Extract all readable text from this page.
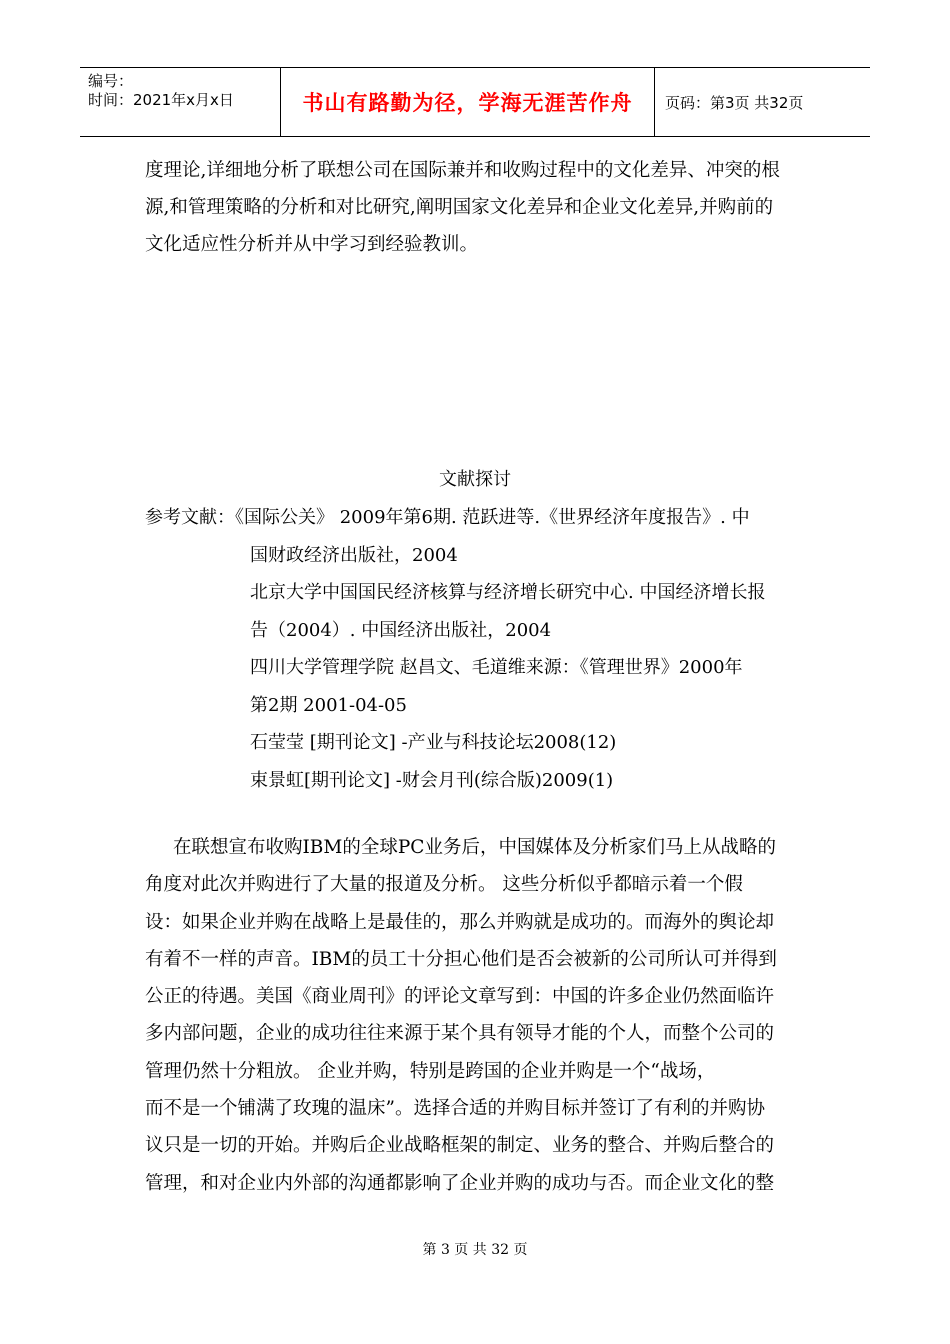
编号：
时间：2021年x月x日	书山有路勤为径，学海无涯苦作舟	页码：第3页 共32页
度理论,详细地分析了联想公司在国际兼并和收购过程中的文化差异、冲突的根
源,和管理策略的分析和对比研究,阐明国家文化差异和企业文化差异,并购前的
文化适应性分析并从中学习到经验教训。
文献探讨
参考文献：《国际公关》 2009年第6期. 范跃进等.《世界经济年度报告》. 中
国财政经济出版社，2004
北京大学中国国民经济核算与经济增长研究中心. 中国经济增长报
告（2004）. 中国经济出版社，2004
四川大学管理学院 赵昌文、毛道维来源：《管理世界》2000年
第2期 2001-04-05
石莹莹 [期刊论文] -产业与科技论坛2008(12)
束景虹[期刊论文] -财会月刊(综合版)2009(1)
在联想宣布收购IBM的全球PC业务后，中国媒体及分析家们马上从战略的
角度对此次并购进行了大量的报道及分析。 这些分析似乎都暗示着一个假
设：如果企业并购在战略上是最佳的，那么并购就是成功的。而海外的舆论却
有着不一样的声音。IBM的员工十分担心他们是否会被新的公司所认可并得到
公正的待遇。美国《商业周刊》的评论文章写到：中国的许多企业仍然面临许
多内部问题，企业的成功往往来源于某个具有领导才能的个人，而整个公司的
管理仍然十分粗放。 企业并购，特别是跨国的企业并购是一个“战场，
而不是一个铺满了玫瑰的温床”。选择合适的并购目标并签订了有利的并购协
议只是一切的开始。并购后企业战略框架的制定、业务的整合、并购后整合的
管理，和对企业内外部的沟通都影响了企业并购的成功与否。而企业文化的整
第 3 页 共 32 页
